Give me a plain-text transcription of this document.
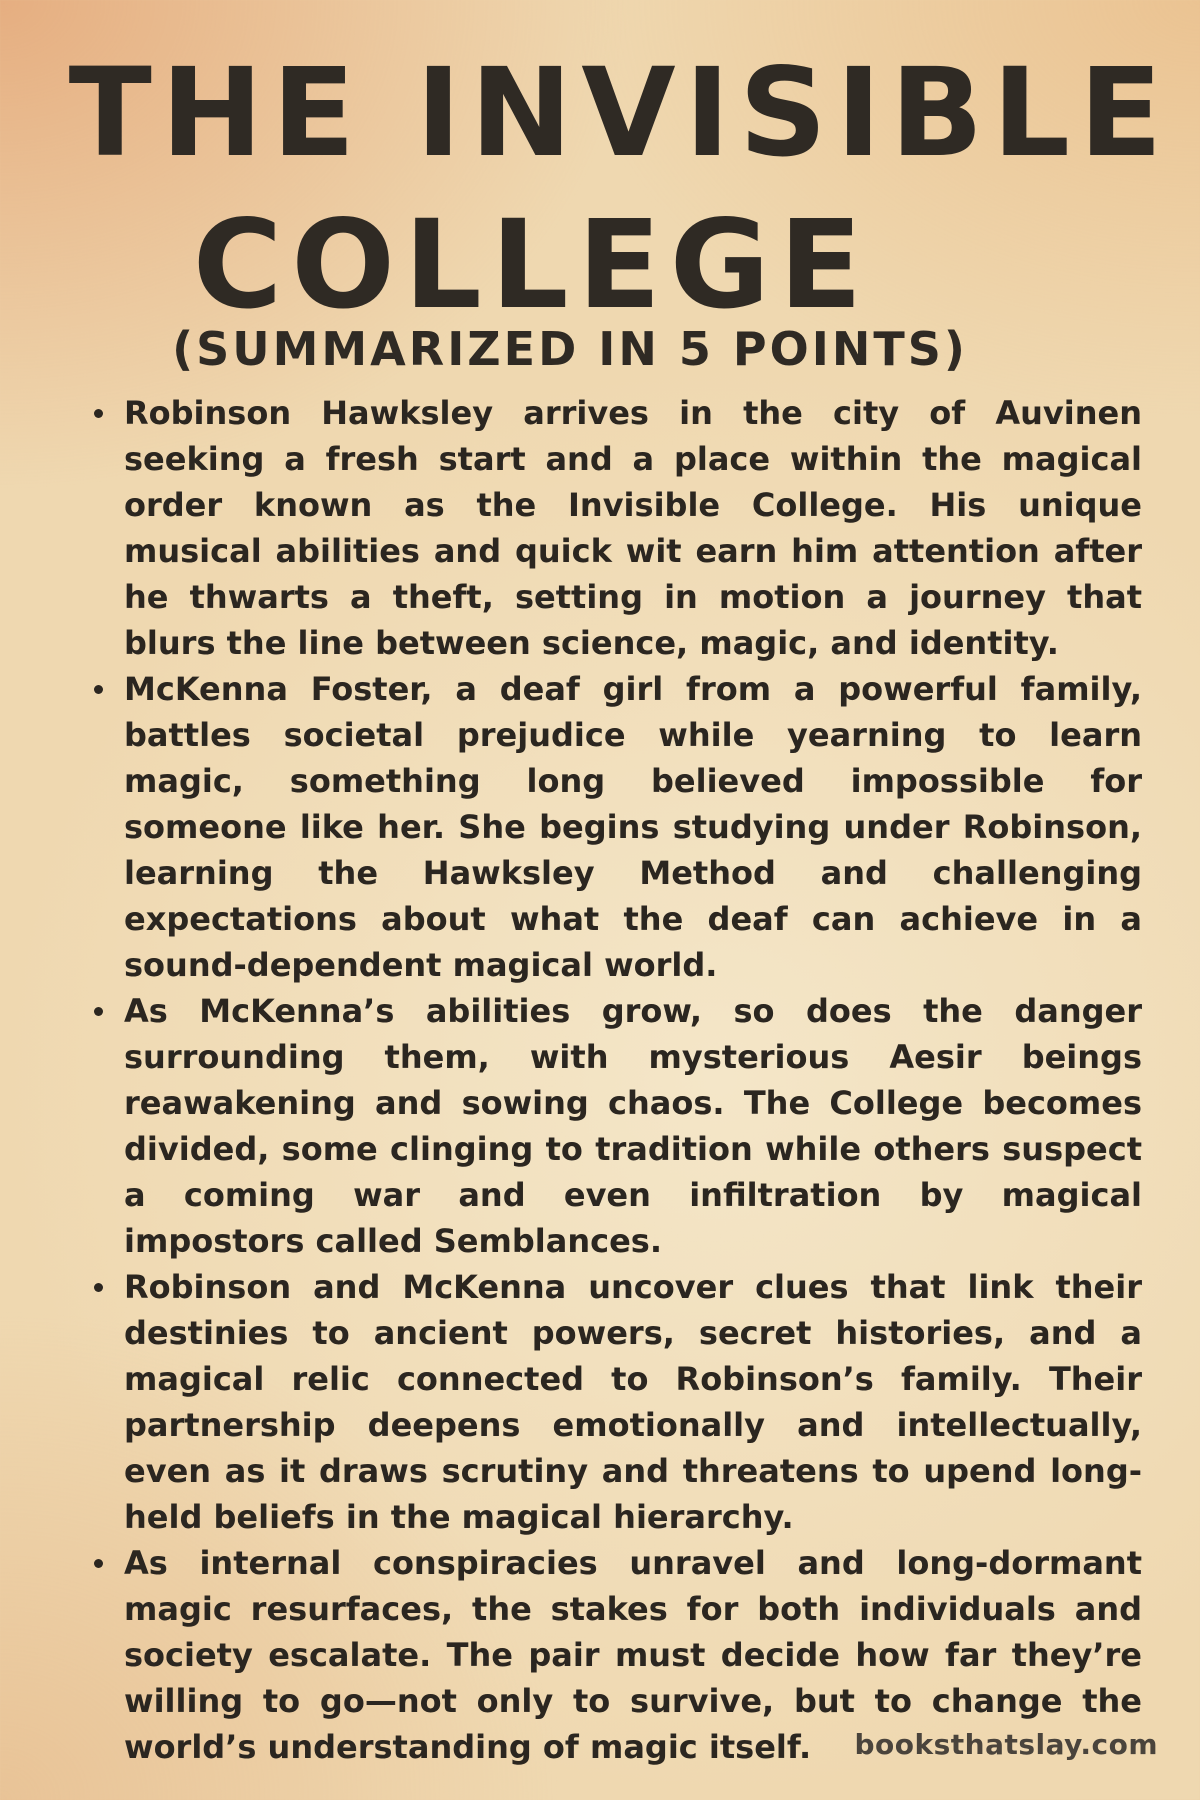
THE INVISIBLE
COLLEGE
(SUMMARIZED IN 5 POINTS)
Robinson Hawksley arrives in the city of Auvinen seeking a fresh start and a place within the magical order known as the Invisible College. His unique musical abilities and quick wit earn him attention after he thwarts a theft, setting in motion a journey that blurs the line between science, magic, and identity.
McKenna Foster, a deaf girl from a powerful family, battles societal prejudice while yearning to learn magic, something long believed impossible for someone like her. She begins studying under Robinson, learning the Hawksley Method and challenging expectations about what the deaf can achieve in a sound-dependent magical world.
As McKenna’s abilities grow, so does the danger surrounding them, with mysterious Aesir beings reawakening and sowing chaos. The College becomes divided, some clinging to tradition while others suspect a coming war and even infiltration by magical impostors called Semblances.
Robinson and McKenna uncover clues that link their destinies to ancient powers, secret histories, and a magical relic connected to Robinson’s family. Their partnership deepens emotionally and intellectually, even as it draws scrutiny and threatens to upend long-held beliefs in the magical hierarchy.
As internal conspiracies unravel and long-dormant magic resurfaces, the stakes for both individuals and society escalate. The pair must decide how far they’re willing to go—not only to survive, but to change the world’s understanding of magic itself.	booksthatslay.com
